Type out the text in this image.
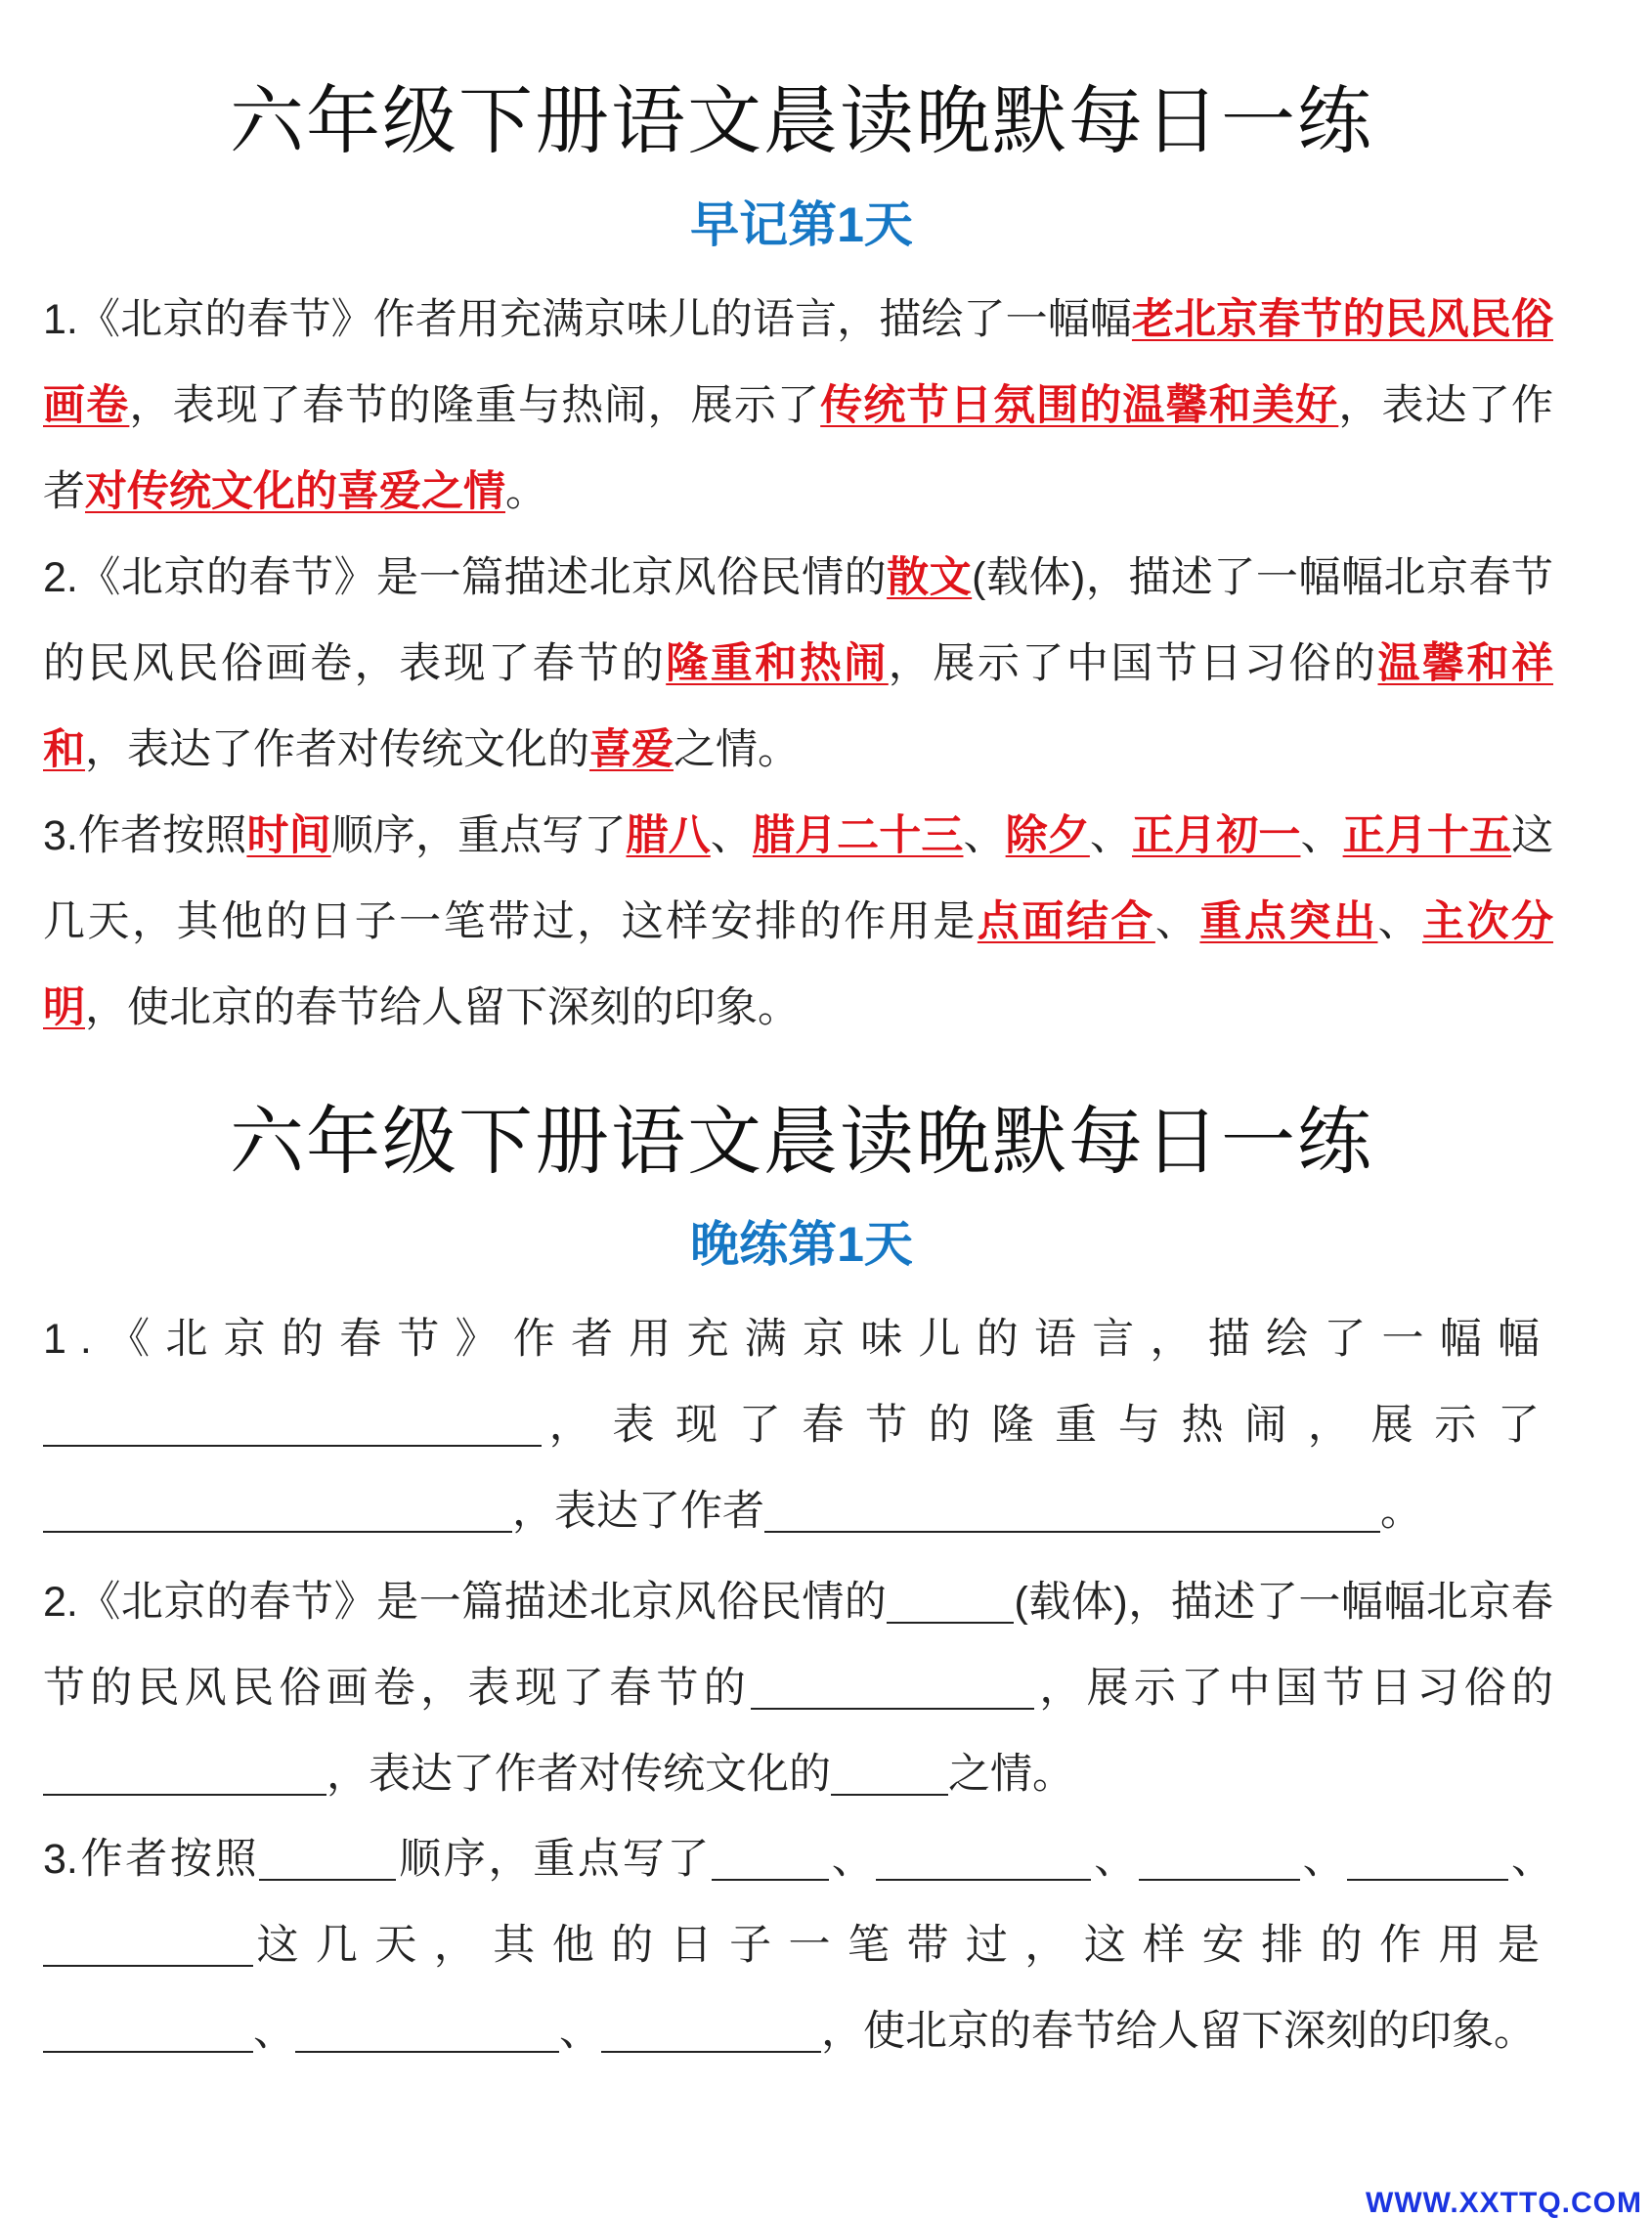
六年级下册语文晨读晚默每日一练
早记第1天
1.《北京的春节》作者用充满京味儿的语言，描绘了一幅幅老北京春节的民风民俗画卷，表现了春节的隆重与热闹，展示了传统节日氛围的温馨和美好，表达了作者对传统文化的喜爱之情。
2.《北京的春节》是一篇描述北京风俗民情的散文(载体)，描述了一幅幅北京春节的民风民俗画卷，表现了春节的隆重和热闹，展示了中国节日习俗的温馨和祥和，表达了作者对传统文化的喜爱之情。
3.作者按照时间顺序，重点写了腊八、腊月二十三、除夕、正月初一、正月十五这几天，其他的日子一笔带过，这样安排的作用是点面结合、重点突出、主次分明，使北京的春节给人留下深刻的印象。
六年级下册语文晨读晚默每日一练
晚练第1天
1.《北京的春节》作者用充满京味儿的语言，描绘了一幅幅，表现了春节的隆重与热闹，展示了，表达了作者	。
2.《北京的春节》是一篇描述北京风俗民情的	(载体)，描述了一幅幅北京春节的民风民俗画卷，表现了春节的	，展示了中国节日习俗的，表达了作者对传统文化的	之情。
3.作者按照	顺序，重点写了	、	、	、	、这几天，其他的日子一笔带过，这样安排的作用是、	、	，使北京的春节给人留下深刻的印象。
WWW.XXTTQ.COM
